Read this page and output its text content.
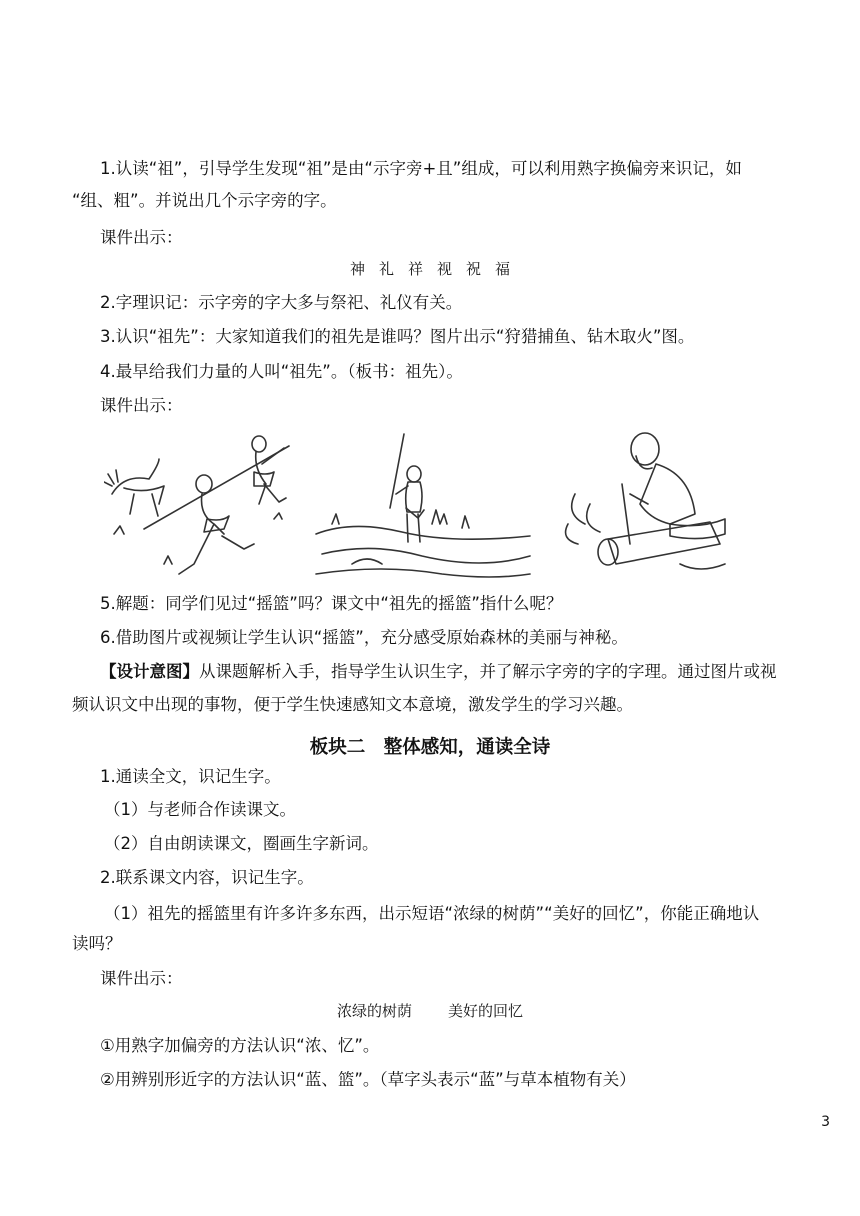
1.认读“祖”，引导学生发现“祖”是由“示字旁+且”组成，可以利用熟字换偏旁来识记，如
“组、粗”。并说出几个示字旁的字。
课件出示：
神 礼 祥 视 祝 福
2.字理识记：示字旁的字大多与祭祀、礼仪有关。
3.认识“祖先”：大家知道我们的祖先是谁吗？图片出示“狩猎捕鱼、钻木取火”图。
4.最早给我们力量的人叫“祖先”。（板书：祖先）。
课件出示：
5.解题：同学们见过“摇篮”吗？课文中“祖先的摇篮”指什么呢？
6.借助图片或视频让学生认识“摇篮”，充分感受原始森林的美丽与神秘。
【设计意图】从课题解析入手，指导学生认识生字，并了解示字旁的字的字理。通过图片或视
频认识文中出现的事物，便于学生快速感知文本意境，激发学生的学习兴趣。
板块二　整体感知，通读全诗
1.通读全文，识记生字。
（1）与老师合作读课文。
（2）自由朗读课文，圈画生字新词。
2.联系课文内容，识记生字。
（1）祖先的摇篮里有许多许多东西，出示短语“浓绿的树荫”“美好的回忆”，你能正确地认
读吗？
课件出示：
浓绿的树荫 美好的回忆
①用熟字加偏旁的方法认识“浓、忆”。
②用辨别形近字的方法认识“蓝、篮”。（草字头表示“蓝”与草本植物有关）
3
